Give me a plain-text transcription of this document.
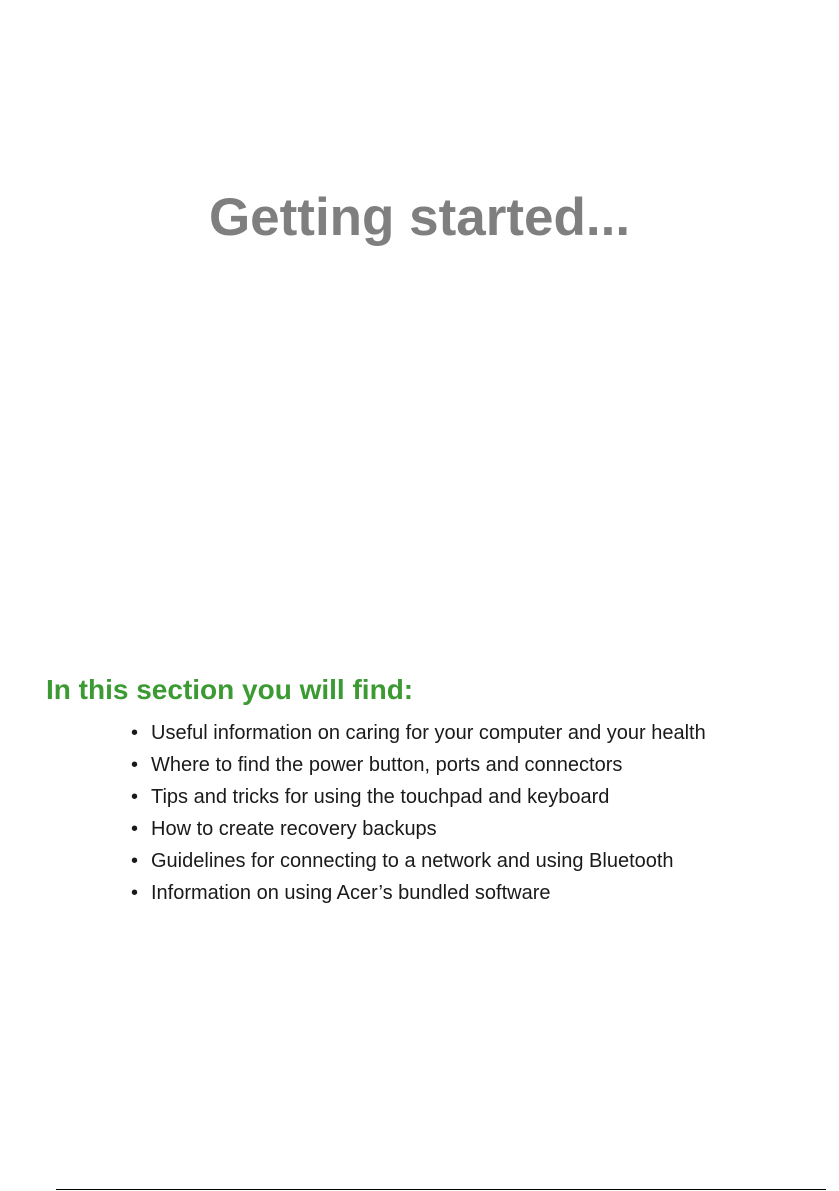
Getting started...
In this section you will find:
• Useful information on caring for your computer and your health
• Where to find the power button, ports and connectors
• Tips and tricks for using the touchpad and keyboard
• How to create recovery backups
• Guidelines for connecting to a network and using Bluetooth
• Information on using Acer’s bundled software
